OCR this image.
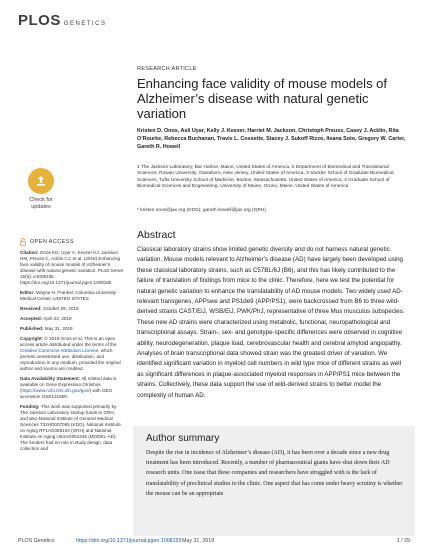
PLOS GENETICS
RESEARCH ARTICLE
Enhancing face validity of mouse models of Alzheimer’s disease with natural genetic variation
Kristen D. Onos, Asli Uyar, Kelly J. Keezer, Harriet M. Jackson, Christoph Preuss, Casey J. Acklin, Rita O’Rourke, Rebecca Buchanan, Travis L. Cossette, Stacey J. Sukoff Rizzo, Ileana Soto, Gregory W. Carter, Gareth R. Howell
1 The Jackson Laboratory, Bar Harbor, Maine, United States of America, 2 Department of Biomedical and Translational Sciences, Rowan University, Glassboro, New Jersey, United States of America, 3 Sackler School of Graduate Biomedical Sciences, Tufts University School of Medicine, Boston, Massachusetts, United States of America, 4 Graduate School of Biomedical Sciences and Engineering, University of Maine, Orono, Maine, United States of America
* kristen.onos@jax.org (KDO); gareth.howell@jax.org (GRH)
Check for
updates
OPEN ACCESS
Citation: Onos KD, Uyar A, Keezer KJ, Jackson HM, Preuss C, Acklin CJ, et al. (2019) Enhancing face validity of mouse models of Alzheimer’s disease with natural genetic variation. PLoS Genet 15(5): e1008155. https://doi.org/10.1371/journal.pgen.1008155
Editor: Wayne N. Frankel, Columbia University Medical Center, UNITED STATES
Received: October 29, 2018
Accepted: April 24, 2019
Published: May 31, 2019
Copyright: © 2019 Onos et al. This is an open access article distributed under the terms of the Creative Commons Attribution License, which permits unrestricted use, distribution, and reproduction in any medium, provided the original author and source are credited.
Data Availability Statement: All related data is available on Gene Expression Omnibus (https://www.ncbi.nlm.nih.gov/geo/) with GEO accession GSE131659.
Funding: This work was supported primarily by The Jackson Laboratory startup funds to GRH, and also National Institute of General Medical Sciences T32HD007065 (KDO), National Institute on Aging RF1AG055104 (GRH) and National Institute on Aging U54AG054345 (MODEL-AD). The funders had no role in study design, data collection and
Abstract
Classical laboratory strains show limited genetic diversity and do not harness natural genetic variation. Mouse models relevant to Alzheimer’s disease (AD) have largely been developed using these classical laboratory strains, such as C57BL/6J (B6), and this has likely contributed to the failure of translation of findings from mice to the clinic. Therefore, here we test the potential for natural genetic variation to enhance the translatability of AD mouse models. Two widely used AD-relevant transgenes, APPswe and PS1de9 (APP/PS1), were backcrossed from B6 to three wild-derived strains CAST/EiJ, WSB/EiJ, PWK/PhJ, representative of three Mus musculus subspecies. These new AD strains were characterized using metabolic, functional, neuropathological and transcriptional assays. Strain-, sex- and genotype-specific differences were observed in cognitive ability, neurodegeneration, plaque load, cerebrovascular health and cerebral amyloid angiopathy. Analyses of brain transcriptional data showed strain was the greatest driver of variation. We identified significant variation in myeloid cell numbers in wild type mice of different strains as well as significant differences in plaque-associated myeloid responses in APP/PS1 mice between the strains. Collectively, these data support the use of wild-derived strains to better model the complexity of human AD.
Author summary
Despite the rise in incidence of Alzheimer’s disease (AD), it has been over a decade since a new drug treatment has been introduced. Recently, a number of pharmaceutical giants have shut down their AD research units. One issue that these companies and researchers have struggled with is the lack of translatability of preclinical studies to the clinic. One aspect that has come under heavy scrutiny is whether the mouse can be an appropriate
PLOS Genetics	https://doi.org/10.1371/journal.pgen.1008155 May 31, 2019	1 / 29
